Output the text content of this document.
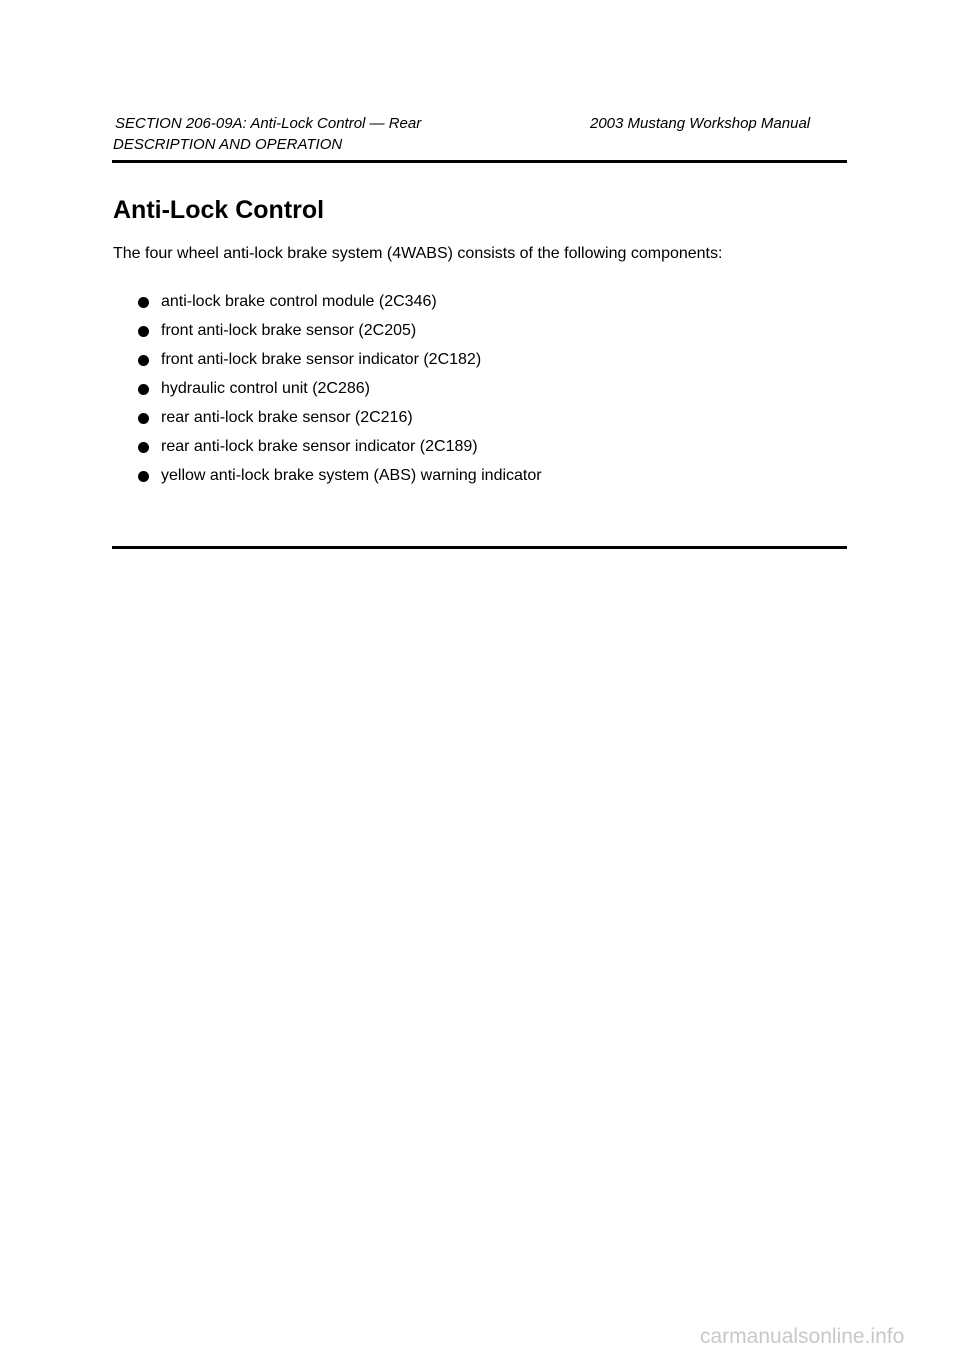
SECTION 206-09A: Anti-Lock Control — Rear	2003 Mustang Workshop Manual
DESCRIPTION AND OPERATION
Anti-Lock Control

The four wheel anti-lock brake system (4WABS) consists of the following components:

anti-lock brake control module (2C346)
front anti-lock brake sensor (2C205)
front anti-lock brake sensor indicator (2C182)
hydraulic control unit (2C286)
rear anti-lock brake sensor (2C216)
rear anti-lock brake sensor indicator (2C189)
yellow anti-lock brake system (ABS) warning indicator
carmanualsonline.info
